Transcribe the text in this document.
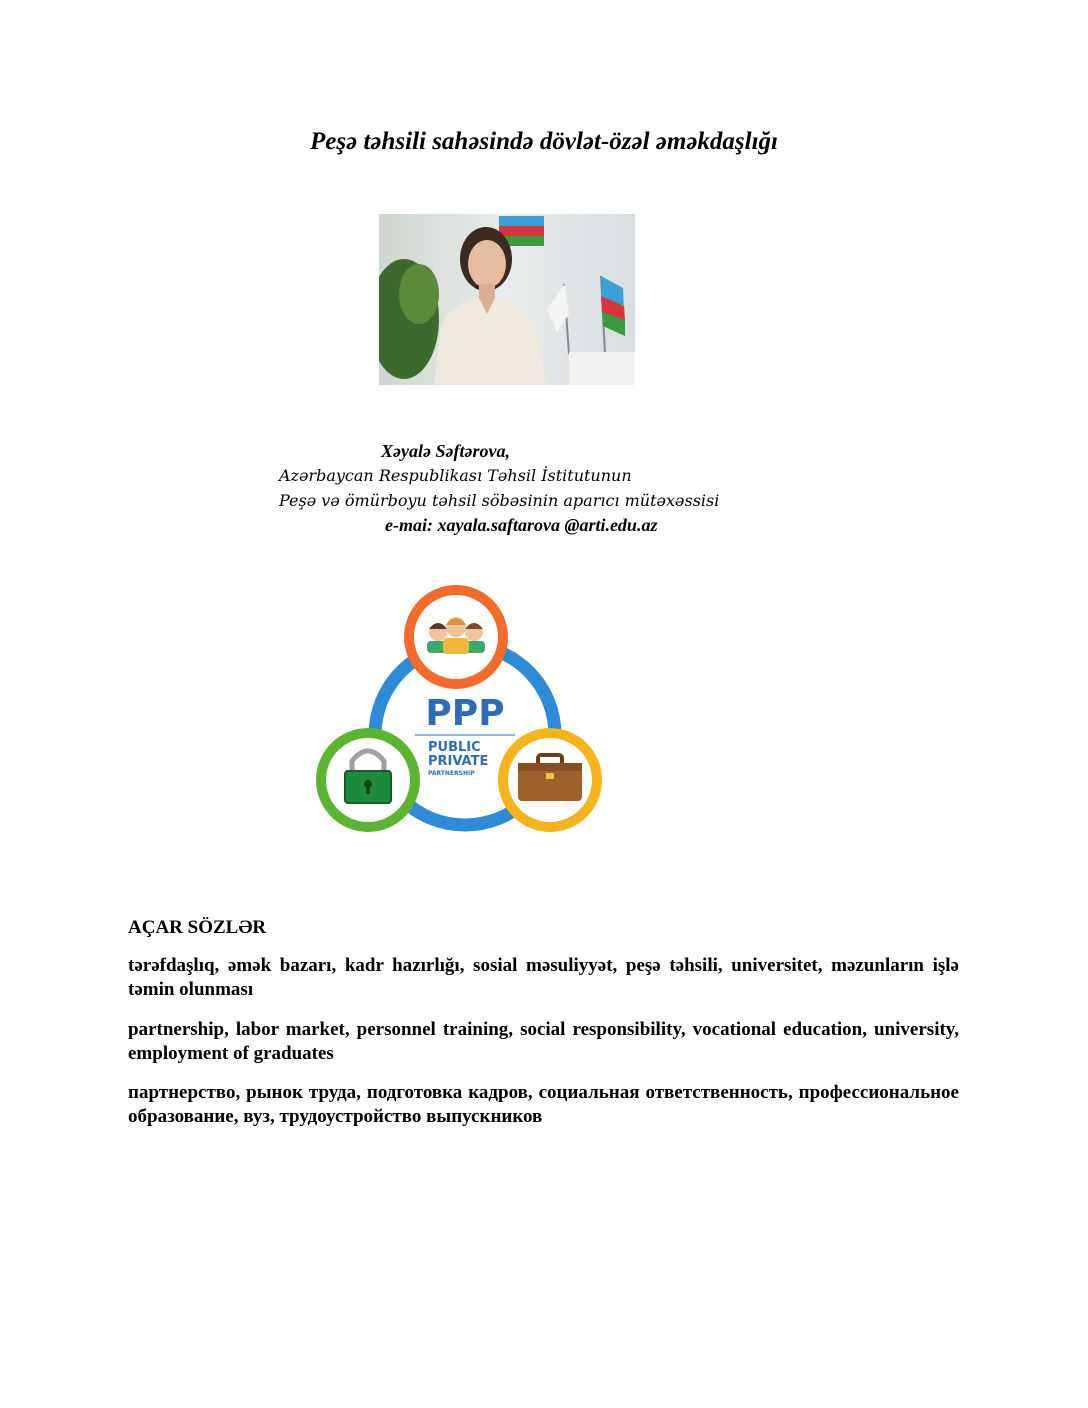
Peşə təhsili sahəsində dövlət-özəl əməkdaşlığı
Xəyalə Səftərova,
Azərbaycan Respublikası Təhsil İstitutunun
Peşə və ömürboyu təhsil söbəsinin aparıcı mütəxəssisi
e-mai: xayala.saftarova @arti.edu.az
PPP
PUBLIC
PRIVATE
PARTNERSHIP
AÇAR SÖZLƏR
tərəfdaşlıq, əmək bazarı, kadr hazırlığı, sosial məsuliyyət, peşə təhsili, universitet, məzunların işlə təmin olunması
partnership, labor market, personnel training, social responsibility, vocational education, university, employment of graduates
партнерство, рынок труда, подготовка кадров, социальная ответственность, профессиональное образование, вуз, трудоустройство выпускников
